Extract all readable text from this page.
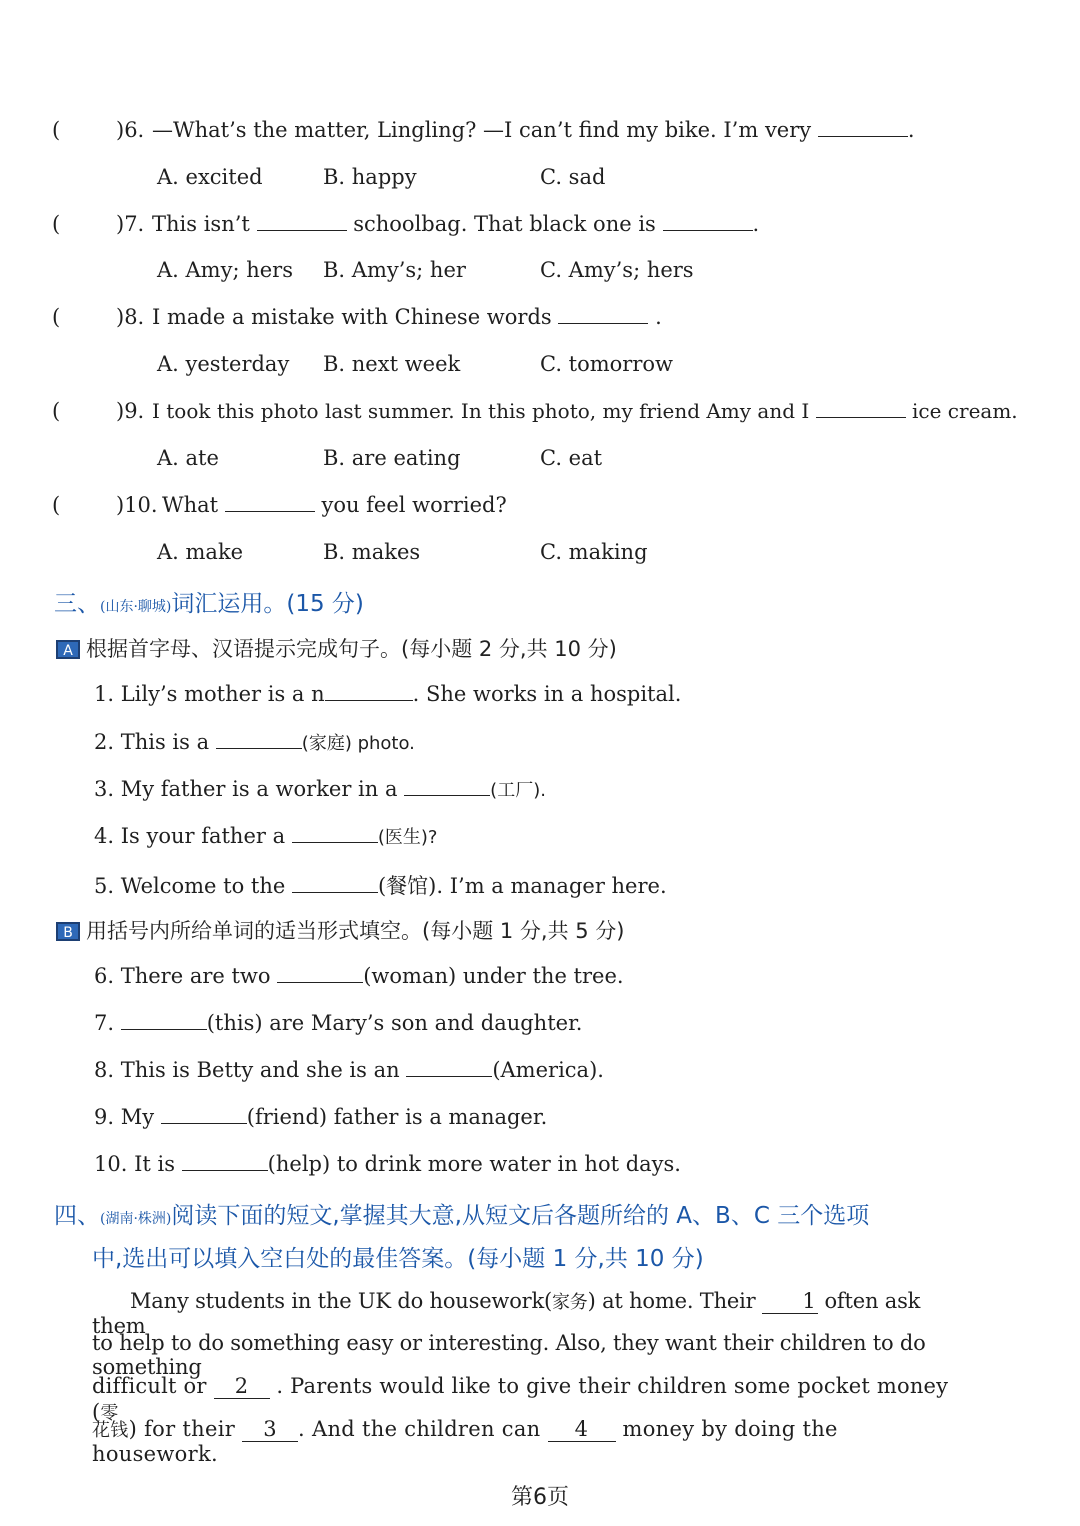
(	)6. —What’s the matter, Lingling? —I can’t find my bike. I’m very	.
A. excited	B. happy	C. sad
(	)7. This isn’t	schoolbag. That black one is	.
A. Amy; hers B. Amy’s; her	C. Amy’s; hers
(	)8. I made a mistake with Chinese words	.
A. yesterday B. next week	C. tomorrow
(	)9. I took this photo last summer. In this photo, my friend Amy and I	ice cream.
A. ate	B. are eating	C. eat
(	)10. What	you feel worried?
A. make	B. makes	C. making
三、(山东·聊城)词汇运用。(15 分)
A 根据首字母、汉语提示完成句子。(每小题 2 分,共 10 分)
1. Lily’s mother is a n	. She works in a hospital.
2. This is a	(家庭) photo.
3. My father is a worker in a	(工厂).
4. Is your father a	(医生)?
5. Welcome to the	(餐馆). I’m a manager here.
B 用括号内所给单词的适当形式填空。(每小题 1 分,共 5 分)
6. There are two	(woman) under the tree.
7.	(this) are Mary’s son and daughter.
8. This is Betty and she is an	(America).
9. My	(friend) father is a manager.
10. It is	(help) to drink more water in hot days.
四、(湖南·株洲)阅读下面的短文,掌握其大意,从短文后各题所给的 A、B、C 三个选项
中,选出可以填入空白处的最佳答案。(每小题 1 分,共 10 分)
Many students in the UK do housework(家务) at home. Their 1 often ask them
to help to do something easy or interesting. Also, they want their children to do something
difficult or 2 . Parents would like to give their children some pocket money (零
花钱) for their 3 . And the children can 4 money by doing the housework.
第6页
